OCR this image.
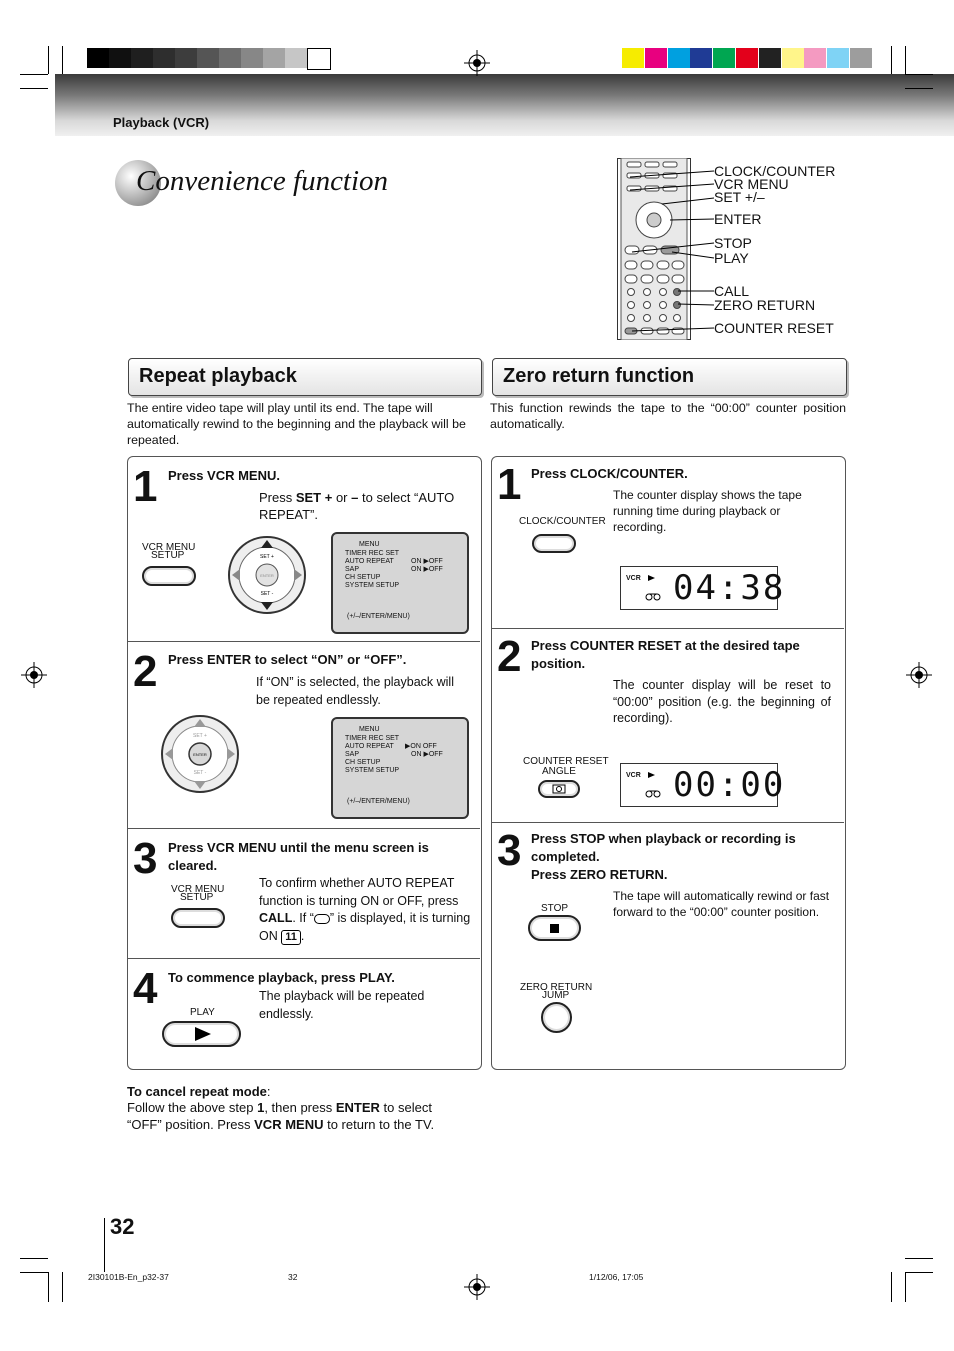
Playback (VCR)
Convenience function	CLOCK/COUNTER
VCR MENU
SET +/–
ENTER
STOP
PLAY
CALL
ZERO RETURN
COUNTER RESET
Repeat playback
The entire video tape will play until its end. The tape will automatically rewind to the beginning and the playback will be repeated.
1 Press VCR MENU.
Press SET + or – to select “AUTO REPEAT”.
VCR MENU
SETUP	SET +
ENTER
SET -
MENU
TIMER REC SET
AUTO REPEAT
SAP
CH SETUP
SYSTEM SETUP
ON ▶OFF
ON ▶OFF
(+/–/ENTER/MENU)
2 Press ENTER to select “ON” or “OFF”.
If “ON” is selected, the playback will be repeated endlessly.
SET +
ENTER
SET -
MENU
TIMER REC SET
AUTO REPEAT
SAP
CH SETUP
SYSTEM SETUP
▶ON OFF
ON ▶OFF
(+/–/ENTER/MENU)
3 Press VCR MENU until the menu screen is cleared.
To confirm whether AUTO REPEAT function is turning ON or OFF, press CALL. If “ ” is displayed, it is turning ON 11 .
VCR MENU
SETUP
4 To commence playback, press PLAY.
The playback will be repeated endlessly.
PLAY
To cancel repeat mode:
Follow the above step 1, then press ENTER to select
“OFF” position. Press VCR MENU to return to the TV.
Zero return function
This function rewinds the tape to the “00:00” counter position automatically.
1 Press CLOCK/COUNTER.
The counter display shows the tape running time during playback or recording.
CLOCK/COUNTER
VCR 04:38
2 Press COUNTER RESET at the desired tape position.
The counter display will be reset to “00:00” position (e.g. the beginning of recording).
COUNTER RESET
ANGLE	VCR 00:00
3 Press STOP when playback or recording is completed.
Press ZERO RETURN.
The tape will automatically rewind or fast forward to the “00:00” counter position.
STOP
ZERO RETURN
JUMP
32
2I30101B-En_p32-37	32	1/12/06, 17:05
